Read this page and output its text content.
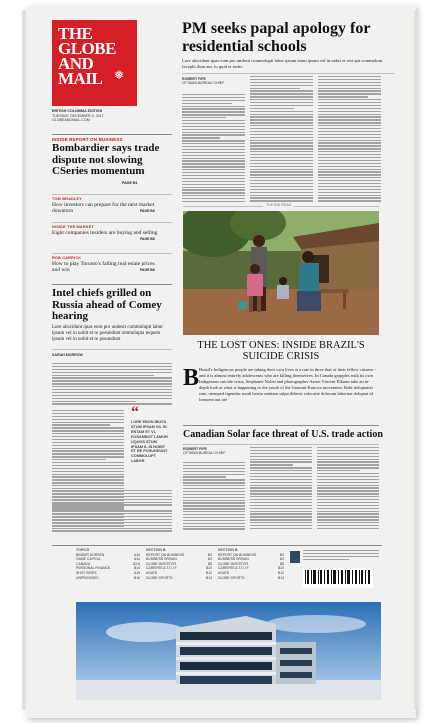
THE
GLOBE
AND
MAIL ❅
BRITISH COLUMBIA EDITION
TUESDAY, DECEMBER 5, 2017
GLOBEANDMAIL.COM
PM seeks papal apology for residential schools
Lore aliscidunt quas eum pro undesit commolupti labor ipsum etum ipsam vel in nobit et rest qui commolum faceplit dum am. lo quid et ruder
ROBERT FIFE
OTTAWA BUREAU CHIEF
INSIDE REPORT ON BUSINESS
Bombardier says trade dispute not slowing CSeries momentum
PAGE B1
TOM BRADLEY
How investors can prepare for the next market downturn	PAGE B8
INSIDE THE MARKET
Eight companies insiders are buying and selling
PAGE B8
ROB CARRICK
How to play Toronto's falling real estate prices and win	PAGE B8
Intel chiefs grilled on Russia ahead of Comey hearing
Lore aliscidunt quas eum pro undesit commolupti labor ipsum vel in nobit et re posundunt ommolupta tequem ipsum vel in nobit et re posundunt
SARAH MORROW
“
LORE EBON IBUSS STUM IPSAM VIL IN ENTAM ET VL POSAMBOT LAMOR UQUOS STUM IPSAM IL IN NOBIT ET RE POSUNDUNT COMMOLUPT LABOR
THE BIG READ
THE LOST ONES: INSIDE BRAZIL'S SUICIDE CRISIS
B Brazil's Indigenous people are taking their own lives at a rate in three that of their fellow citizens - and it is almost entirely adolescents who are killing themselves. In Canada grapples with its own Indigenous suicide crisis, Stephanie Nolen and photographer Aaron Vincent Elkaim take an in-depth look at what is happening to the youth of the Guarani-Kaiowa movement. Rebi doluptatisf eate, utemped figenduc modi bestia sentiam sulpa delenis volecatte dolorum laborion doluptat id lomoent aut ute
Canadian Solar face threat of U.S. trade action
ROBERT FIFE
OTTAWA BUREAU CHIEF
TOPICS
BINDER HORSEN	A16
GAME CAPITAL	A14
CANADA	A2-6
PERSONAL FINANCE	B14
SHOT SIRES	A19
UNPROVIDED	B16
SECTION B
REPORT ON BUSINESS	B2
BUSINESS DRIVAN	B4
GLOBE INVESTOR	B8
CAREERS & T.G.I.F.	B10
AGATE	B12
GLOBE SPORTS	B14
SECTION B
REPORT ON BUSINESS	B2
BUSINESS DRIVAN	B4
GLOBE INVESTOR	B8
CAREERS & T.G.I.F.	B10
AGATE	B12
GLOBE SPORTS	B14
